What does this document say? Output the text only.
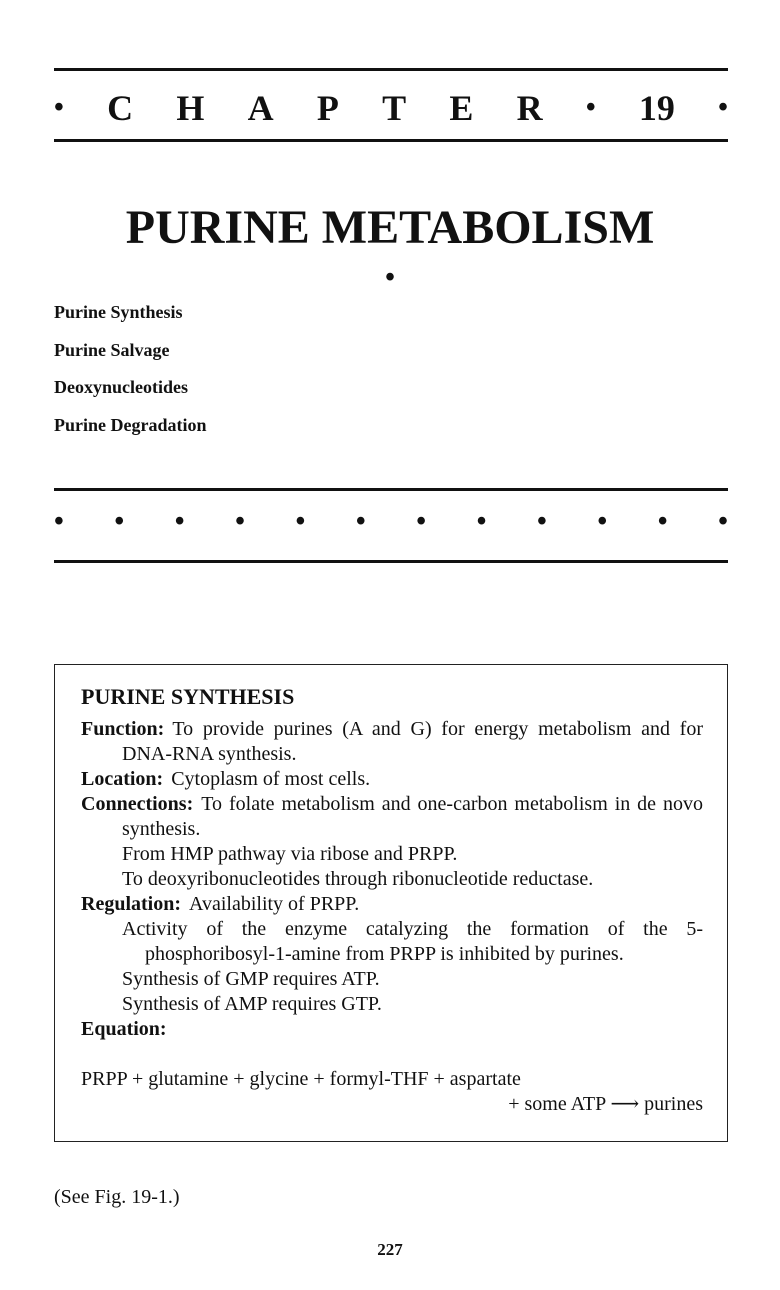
• C H A P T E R • 19 •
PURINE METABOLISM
•
Purine Synthesis
Purine Salvage
Deoxynucleotides
Purine Degradation
• • • • • • • • • • • •
PURINE SYNTHESIS
Function: To provide purines (A and G) for energy metabolism and for DNA-RNA synthesis.
Location: Cytoplasm of most cells.
Connections: To folate metabolism and one-carbon metabolism in de novo synthesis.
From HMP pathway via ribose and PRPP.
To deoxyribonucleotides through ribonucleotide reductase.
Regulation: Availability of PRPP.
Activity of the enzyme catalyzing the formation of the 5-phosphoribosyl-1-amine from PRPP is inhibited by purines.
Synthesis of GMP requires ATP.
Synthesis of AMP requires GTP.
Equation:
PRPP + glutamine + glycine + formyl-THF + aspartate
+ some ATP ⟶ purines
(See Fig. 19-1.)
227
